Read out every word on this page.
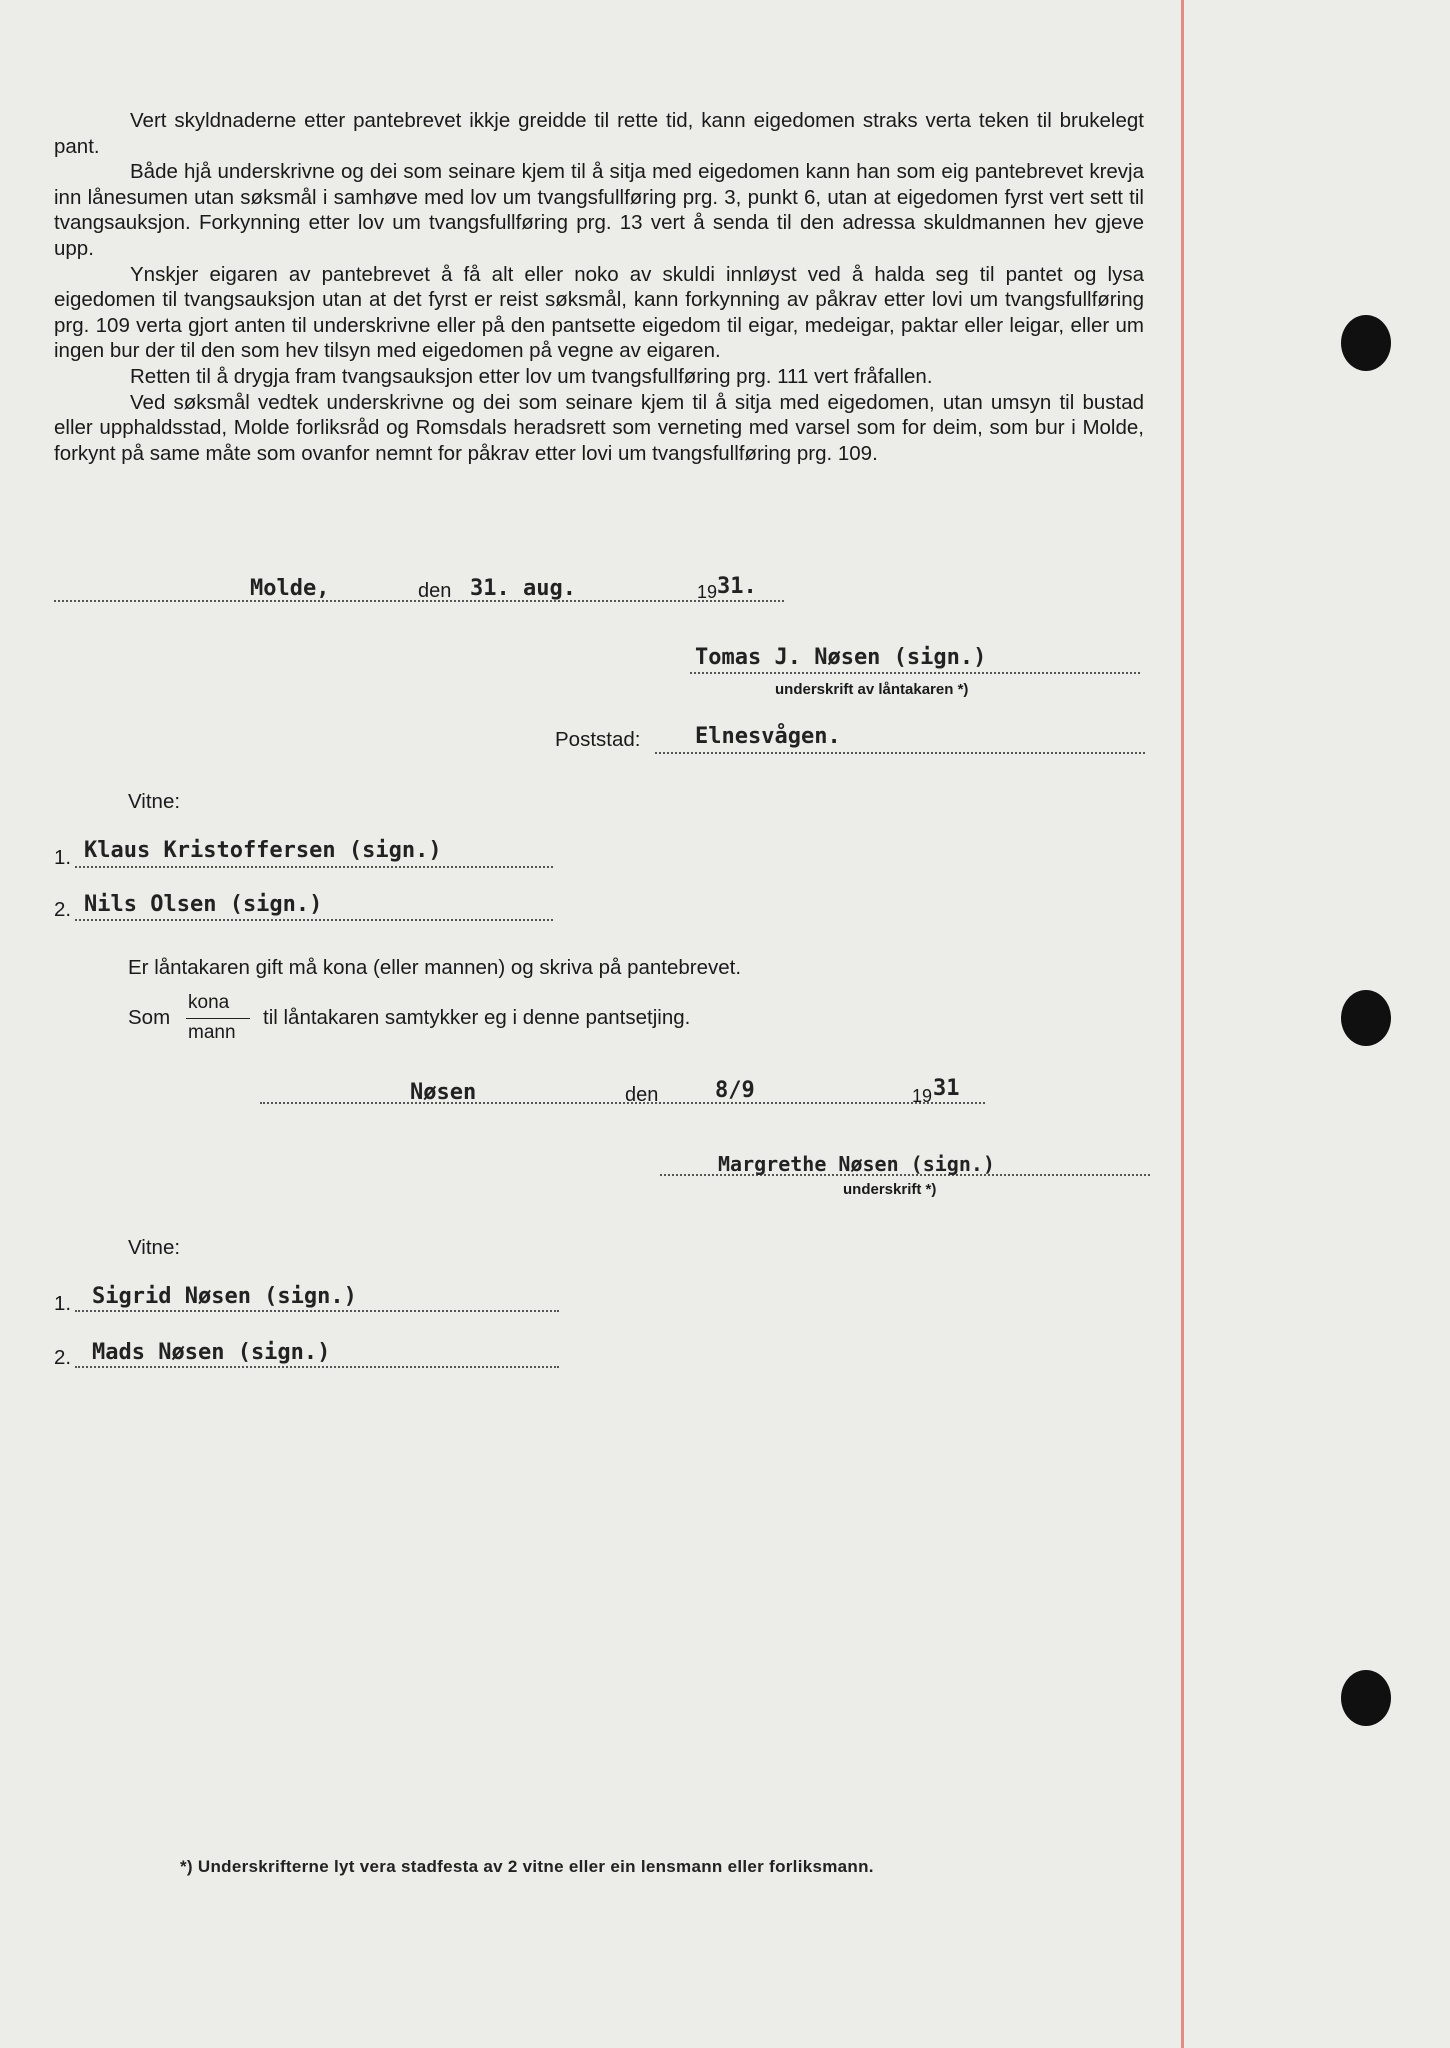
Vert skyldnaderne etter pantebrevet ikkje greidde til rette tid, kann eigedomen straks verta teken til brukelegt pant.

Både hjå underskrivne og dei som seinare kjem til å sitja med eigedomen kann han som eig pantebrevet krevja inn lånesumen utan søksmål i samhøve med lov um tvangsfullføring prg. 3, punkt 6, utan at eigedomen fyrst vert sett til tvangsauksjon. Forkynning etter lov um tvangsfullføring prg. 13 vert å senda til den adressa skuldmannen hev gjeve upp.

Ynskjer eigaren av pantebrevet å få alt eller noko av skuldi innløyst ved å halda seg til pantet og lysa eigedomen til tvangsauksjon utan at det fyrst er reist søksmål, kann forkynning av påkrav etter lovi um tvangsfullføring prg. 109 verta gjort anten til underskrivne eller på den pantsette eigedom til eigar, medeigar, paktar eller leigar, eller um ingen bur der til den som hev tilsyn med eigedomen på vegne av eigaren.

Retten til å drygja fram tvangsauksjon etter lov um tvangsfullføring prg. 111 vert fråfallen.

Ved søksmål vedtek underskrivne og dei som seinare kjem til å sitja med eigedomen, utan umsyn til bustad eller upphaldsstad, Molde forliksråd og Romsdals heradsrett som verneting med varsel som for deim, som bur i Molde, forkynt på same måte som ovanfor nemnt for påkrav etter lovi um tvangsfullføring prg. 109.

Molde,	den 31. aug.	19 31.
Tomas J. Nøsen (sign.)
underskrift av låntakaren *)
Poststad: Elnesvågen.
Vitne:
1. Klaus Kristoffersen (sign.)
2. Nils Olsen (sign.)
Er låntakaren gift må kona (eller mannen) og skriva på pantebrevet.
Som
kona
mann
til låntakaren samtykker eg i denne pantsetjing.
Nøsen	den	8/9	19 31
Margrethe Nøsen (sign.)
underskrift *)
Vitne:
1. Sigrid Nøsen (sign.)
2. Mads Nøsen (sign.)
*) Underskrifterne lyt vera stadfesta av 2 vitne eller ein lensmann eller forliksmann.
